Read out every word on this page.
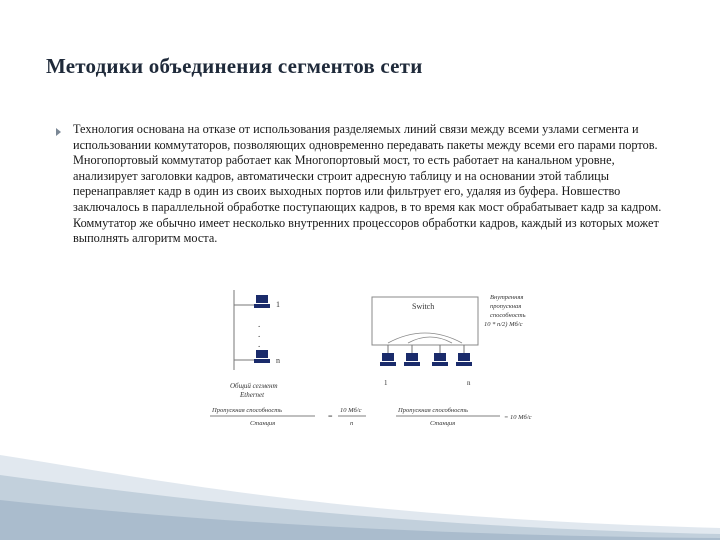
Методики объединения сегментов сети
Технология основана на отказе от использования разделяемых линий связи между всеми узлами сегмента и использовании коммутаторов, позволяющих одновременно передавать пакеты между всеми его парами портов. Многопортовый коммутатор работает как Многопортовый мост, то есть работает на канальном уровне, анализирует заголовки кадров, автоматически строит адресную таблицу и на основании этой таблицы перенаправляет кадр в один из своих выходных портов или фильтрует его, удаляя из буфера. Новшество заключалось в параллельной обработке поступающих кадров, в то время как мост обрабатывает кадр за кадром. Коммутатор же обычно имеет несколько внутренних процессоров обработки кадров, каждый из которых может выполнять алгоритм моста.
1
.
.
.
n
Общий сегмент
Ethernet
Switch
1	n
Внутренняя
пропускная
способность
10 * n/2) Мб/с
Пропускная способность
Станция
=
10 Мб/с
n
Пропускная способность
Станция
= 10 Мб/с
